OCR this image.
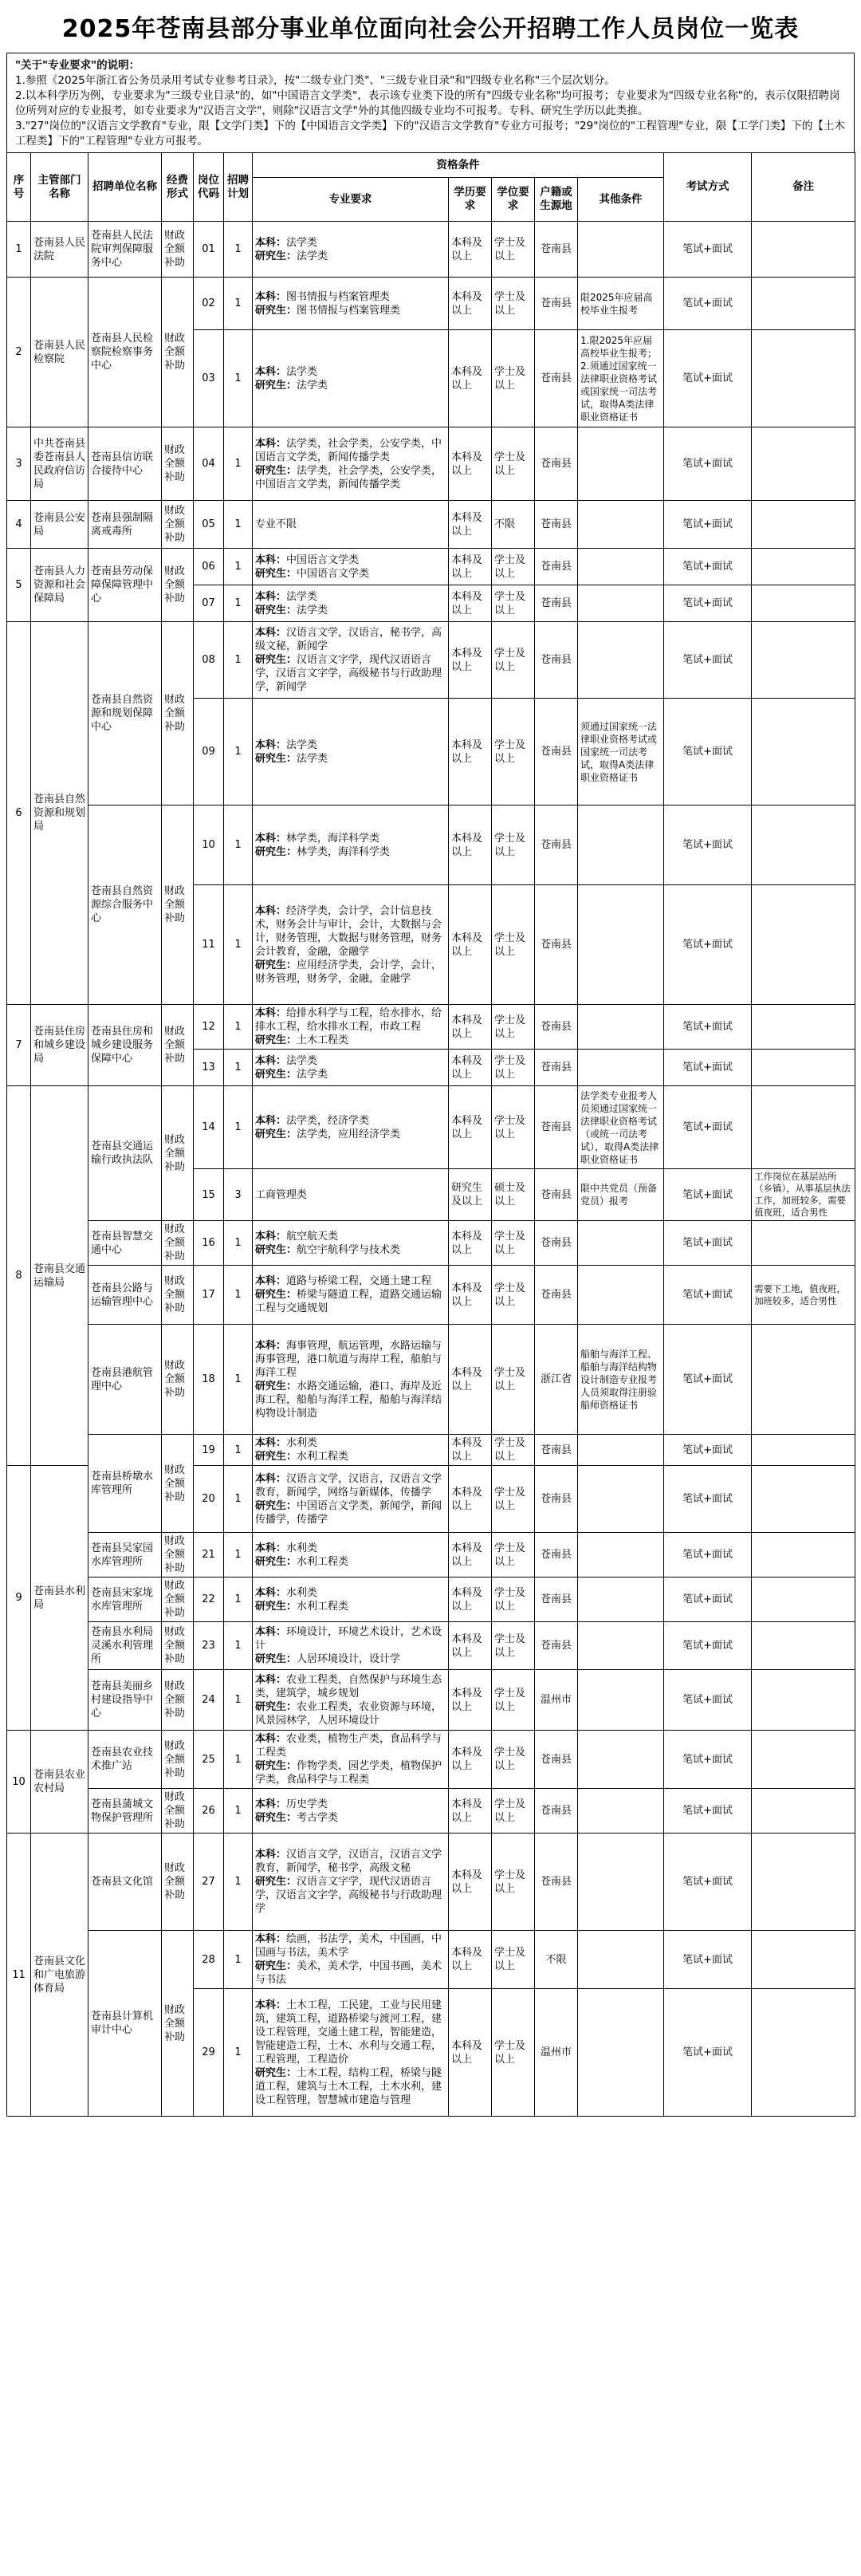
2025年苍南县部分事业单位面向社会公开招聘工作人员岗位一览表
"关于"专业要求"的说明：
1.参照《2025年浙江省公务员录用考试专业参考目录》，按"二级专业门类"、"三级专业目录"和"四级专业名称"三个层次划分。
2.以本科学历为例，专业要求为"三级专业目录"的，如"中国语言文学类"，表示该专业类下设的所有"四级专业名称"均可报考；专业要求为"四级专业名称"的，表示仅限招聘岗位所列对应的专业报考，如专业要求为"汉语言文学"，则除"汉语言文学"外的其他四级专业均不可报考。专科、研究生学历以此类推。
3."27"岗位的"汉语言文学教育"专业，限【文学门类】下的【中国语言文学类】下的"汉语言文学教育"专业方可报考；"29"岗位的"工程管理"专业，限【工学门类】下的【土木工程类】下的"工程管理"专业方可报考。
序号	主管部门名称	招聘单位名称	经费形式	岗位代码	招聘计划	资格条件					考试方式	备注
						专业要求	学历要求	学位要求	户籍或生源地	其他条件		
1	苍南县人民法院	苍南县人民法院审判保障服务中心	财政全额补助	01	1	本科：法学类
研究生：法学类	本科及以上	学士及以上	苍南县		笔试+面试	
2	苍南县人民检察院	苍南县人民检察院检察事务中心	财政全额补助	02	1	本科：图书情报与档案管理类
研究生：图书情报与档案管理类	本科及以上	学士及以上	苍南县	限2025年应届高校毕业生报考	笔试+面试	
				03	1	本科：法学类
研究生：法学类	本科及以上	学士及以上	苍南县	1.限2025年应届高校毕业生报考；2.须通过国家统一法律职业资格考试或国家统一司法考试，取得A类法律职业资格证书	笔试+面试	
3	中共苍南县委苍南县人民政府信访局	苍南县信访联合接待中心	财政全额补助	04	1	本科：法学类，社会学类，公安学类，中国语言文学类，新闻传播学类
研究生：法学类，社会学类，公安学类，中国语言文学类，新闻传播学类	本科及以上	学士及以上	苍南县		笔试+面试	
4	苍南县公安局	苍南县强制隔离戒毒所	财政全额补助	05	1	专业不限	本科及以上	不限	苍南县		笔试+面试	
5	苍南县人力资源和社会保障局	苍南县劳动保障保障管理中心	财政全额补助	06	1	本科：中国语言文学类
研究生：中国语言文学类	本科及以上	学士及以上	苍南县		笔试+面试	
				07	1	本科：法学类
研究生：法学类	本科及以上	学士及以上	苍南县		笔试+面试	
6	苍南县自然资源和规划局	苍南县自然资源和规划保障中心	财政全额补助	08	1	本科：汉语言文学，汉语言，秘书学，高级文秘，新闻学
研究生：汉语言文字学，现代汉语语言学，汉语言文字学，高级秘书与行政助理学，新闻学	本科及以上	学士及以上	苍南县		笔试+面试	
				09	1	本科：法学类
研究生：法学类	本科及以上	学士及以上	苍南县	须通过国家统一法律职业资格考试或国家统一司法考试，取得A类法律职业资格证书	笔试+面试	
		苍南县自然资源综合服务中心	财政全额补助	10	1	本科：林学类，海洋科学类
研究生：林学类，海洋科学类	本科及以上	学士及以上	苍南县		笔试+面试	
				11	1	本科：经济学类，会计学，会计信息技术，财务会计与审计，会计，大数据与会计，财务管理，大数据与财务管理，财务会计教育，金融，金融学
研究生：应用经济学类，会计学，会计，财务管理，财务学，金融，金融学	本科及以上	学士及以上	苍南县		笔试+面试	
7	苍南县住房和城乡建设局	苍南县住房和城乡建设服务保障中心	财政全额补助	12	1	本科：给排水科学与工程，给水排水，给排水工程，给水排水工程，市政工程
研究生：土木工程类	本科及以上	学士及以上	苍南县		笔试+面试	
				13	1	本科：法学类
研究生：法学类	本科及以上	学士及以上	苍南县		笔试+面试	
8	苍南县交通运输局	苍南县交通运输行政执法队	财政全额补助	14	1	本科：法学类，经济学类
研究生：法学类，应用经济学类	本科及以上	学士及以上	苍南县	法学类专业报考人员须通过国家统一法律职业资格考试（或统一司法考试），取得A类法律职业资格证书	笔试+面试	
				15	3	工商管理类	研究生及以上	硕士及以上	苍南县	限中共党员（预备党员）报考	笔试+面试	工作岗位在基层站所（乡镇），从事基层执法工作，加班较多，需要值夜班，适合男性
		苍南县智慧交通中心	财政全额补助	16	1	本科：航空航天类
研究生：航空宇航科学与技术类	本科及以上	学士及以上	苍南县		笔试+面试	
		苍南县公路与运输管理中心	财政全额补助	17	1	本科：道路与桥梁工程，交通土建工程
研究生：桥梁与隧道工程，道路交通运输工程与交通规划	本科及以上	学士及以上	苍南县		笔试+面试	需要下工地，值夜班，加班较多，适合男性
		苍南县港航管理中心	财政全额补助	18	1	本科：海事管理，航运管理，水路运输与海事管理，港口航道与海岸工程，船舶与海洋工程
研究生：水路交通运输，港口、海岸及近海工程，船舶与海洋工程，船舶与海洋结构物设计制造	本科及以上	学士及以上	浙江省	船舶与海洋工程、船舶与海洋结构物设计制造专业报考人员须取得注册验船师资格证书	笔试+面试	
		苍南县桥墩水库管理所	财政全额补助	19	1	本科：水利类
研究生：水利工程类	本科及以上	学士及以上	苍南县		笔试+面试	
9	苍南县水利局			20	1	本科：汉语言文学，汉语言，汉语言文学教育，新闻学，网络与新媒体，传播学
研究生：中国语言文学类，新闻学，新闻传播学，传播学	本科及以上	学士及以上	苍南县		笔试+面试	
		苍南县吴家园水库管理所	财政全额补助	21	1	本科：水利类
研究生：水利工程类	本科及以上	学士及以上	苍南县		笔试+面试	
		苍南县宋家垅水库管理所	财政全额补助	22	1	本科：水利类
研究生：水利工程类	本科及以上	学士及以上	苍南县		笔试+面试	
		苍南县水利局灵溪水利管理所	财政全额补助	23	1	本科：环境设计，环境艺术设计，艺术设计
研究生：人居环境设计，设计学	本科及以上	学士及以上	苍南县		笔试+面试	
		苍南县美丽乡村建设指导中心	财政全额补助	24	1	本科：农业工程类，自然保护与环境生态类，建筑学，城乡规划
研究生：农业工程类，农业资源与环境，风景园林学，人居环境设计	本科及以上	学士及以上	温州市		笔试+面试	
10	苍南县农业农村局	苍南县农业技术推广站	财政全额补助	25	1	本科：农业类，植物生产类，食品科学与工程类
研究生：作物学类，园艺学类，植物保护学类，食品科学与工程类	本科及以上	学士及以上	苍南县		笔试+面试	
		苍南县蒲城文物保护管理所	财政全额补助	26	1	本科：历史学类
研究生：考古学类	本科及以上	学士及以上	苍南县		笔试+面试	
11	苍南县文化和广电旅游体育局	苍南县文化馆	财政全额补助	27	1	本科：汉语言文学，汉语言，汉语言文学教育，新闻学，秘书学，高级文秘
研究生：汉语言文字学，现代汉语语言学，汉语言文字学，高级秘书与行政助理学	本科及以上	学士及以上	苍南县		笔试+面试	
		苍南县计算机审计中心	财政全额补助	28	1	本科：绘画，书法学，美术，中国画，中国画与书法，美术学
研究生：美术，美术学，中国书画，美术与书法	本科及以上	学士及以上	不限		笔试+面试	
				29	1	本科：土木工程，工民建，工业与民用建筑，建筑工程，道路桥梁与渡河工程，建设工程管理，交通土建工程，智能建造，智能建造工程，土木、水利与交通工程，工程管理，工程造价
研究生：土木工程，结构工程，桥梁与隧道工程，建筑与土木工程，土木水利，建设工程管理，智慧城市建造与管理	本科及以上	学士及以上	温州市		笔试+面试	
